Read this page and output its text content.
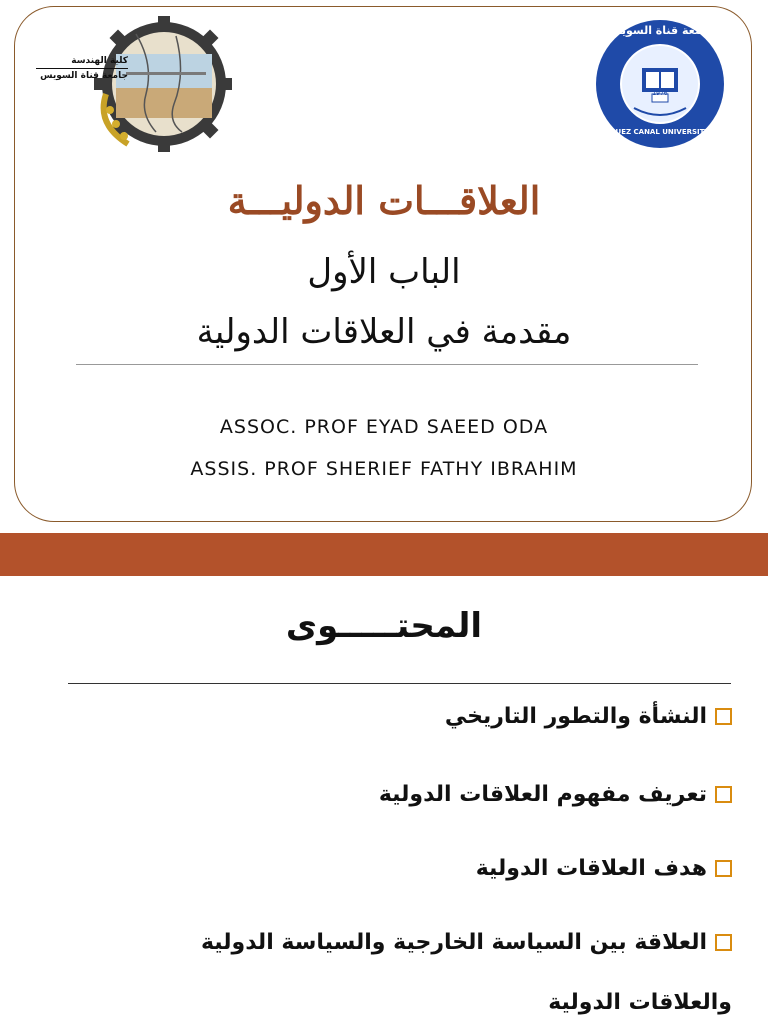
كلية الهندسة
جامعة قناة السويس
جامعة قناة السويس
1976
SUEZ CANAL UNIVERSITY
العلاقـــات الدوليـــة
الباب الأول
مقدمة في العلاقات الدولية
ASSOC. PROF EYAD SAEED ODA
ASSIS. PROF SHERIEF FATHY IBRAHIM
المحتـــــوى
النشأة والتطور التاريخي
تعريف مفهوم العلاقات الدولية
هدف العلاقات الدولية
العلاقة بين السياسة الخارجية والسياسة الدولية
والعلاقات الدولية
